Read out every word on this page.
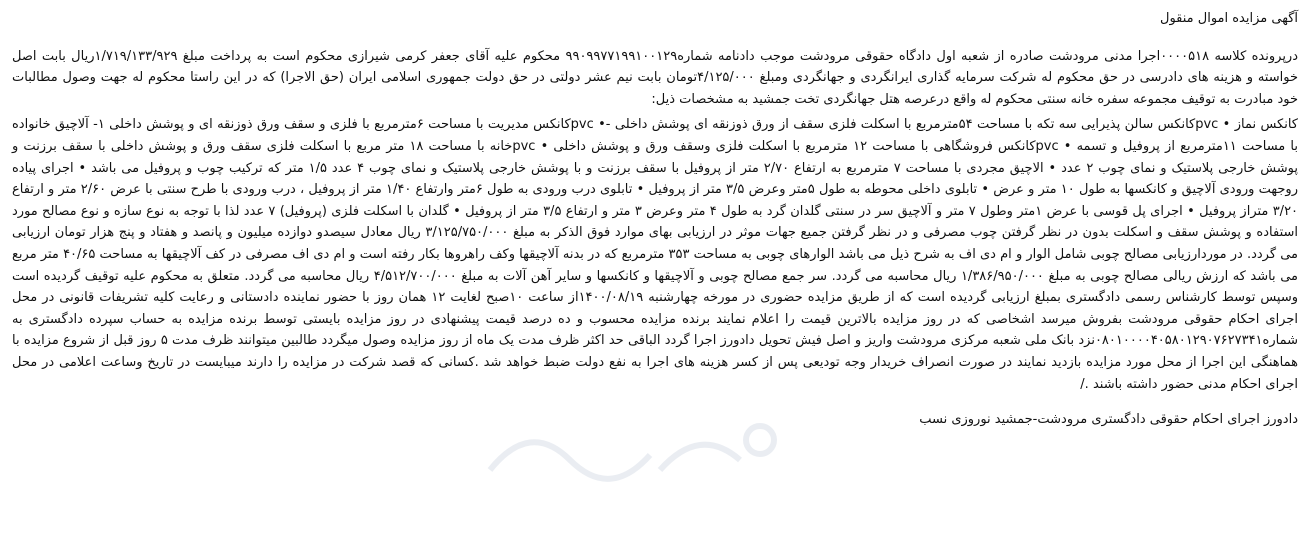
آگهی مزایده اموال منقول
درپرونده کلاسه ۰۰۰۰۵۱۸اجرا مدنی مرودشت صادره از شعبه اول دادگاه حقوقی مرودشت موجب دادنامه شماره۹۹۰۹۹۷۷۱۹۹۱۰۰۱۲۹ محکوم علیه آقای جعفر کرمی شیرازی محکوم است به پرداخت مبلغ ۱/۷۱۹/۱۳۳/۹۲۹ریال بابت اصل خواسته و هزینه های دادرسی در حق محکوم له شرکت سرمایه گذاری ایرانگردی و جهانگردی ومبلغ ۴/۱۲۵/۰۰۰تومان بابت نیم عشر دولتی در حق دولت جمهوری اسلامی ایران (حق الاجرا) که در این راستا محکوم له جهت وصول مطالبات خود مبادرت به توقیف مجموعه سفره خانه سنتی محکوم له واقع درعرصه هتل جهانگردی تخت جمشید به مشخصات ذیل:
کانکس نماز • pvcکانکس سالن پذیرایی سه تکه با مساحت ۵۴مترمربع با اسکلت فلزی سقف از ورق ذوزنقه ای پوشش داخلی -• pvcکانکس مدیریت با مساحت ۶مترمربع با فلزی و سقف ورق ذوزنقه ای و پوشش داخلی ۱- آلاچیق خانواده با مساحت ۱۱مترمربع از پروفیل و تسمه • pvcکانکس فروشگاهی با مساحت ۱۲ مترمربع با اسکلت فلزی وسقف ورق و پوشش داخلی • pvcخانه با مساحت ۱۸ متر مربع با اسکلت فلزی سقف ورق و پوشش داخلی با سقف برزنت و پوشش خارجی پلاستیک و نمای چوب ۲ عدد • الاچیق مجردی با مساحت ۷ مترمربع به ارتفاع ۲/۷۰ متر از پروفیل با سقف برزنت و با پوشش خارجی پلاستیک و نمای چوب ۴ عدد ۱/۵ متر که ترکیب چوب و پروفیل می باشد • اجرای پیاده روجهت ورودی آلاچیق و کانکسها به طول ۱۰ متر و عرض • تابلوی داخلی محوطه به طول ۵متر وعرض ۳/۵ متر از پروفیل • تابلوی درب ورودی به طول ۶متر وارتفاع ۱/۴۰ متر از پروفیل ، درب ورودی با طرح سنتی با عرض ۲/۶۰ متر و ارتفاع ۳/۲۰ متراز پروفیل • اجرای پل قوسی با عرض ۱متر وطول ۷ متر و آلاچیق سر در سنتی گلدان گرد به طول ۴ متر وعرض ۳ متر و ارتفاع ۳/۵ متر از پروفیل • گلدان با اسکلت فلزی (پروفیل) ۷ عدد لذا با توجه به نوع سازه و نوع مصالح مورد استفاده و پوشش سقف و اسکلت بدون در نظر گرفتن چوب مصرفی و در نظر گرفتن جمیع جهات موثر در ارزیابی بهای موارد فوق الذکر به مبلغ ۳/۱۲۵/۷۵۰/۰۰۰ ریال معادل سیصدو دوازده میلیون و پانصد و هفتاد و پنج هزار تومان ارزیابی می گردد. در موردارزیابی مصالح چوبی شامل الوار و ام دی اف به شرح ذیل می باشد الوارهای چوبی به مساحت ۳۵۳ مترمربع که در بدنه آلاچیقها وکف راهروها بکار رفته است و ام دی اف مصرفی در کف آلاچیقها به مساحت ۴۰/۶۵ متر مربع می باشد که ارزش ریالی مصالح چوبی به مبلغ ۱/۳۸۶/۹۵۰/۰۰۰ ریال محاسبه می گردد. سر جمع مصالح چوبی و آلاچیقها و کانکسها و سایر آهن آلات به مبلغ ۴/۵۱۲/۷۰۰/۰۰۰ ریال محاسبه می گردد. متعلق به محکوم علیه توقیف گردیده است وسپس توسط کارشناس رسمی دادگستری بمبلغ ارزیابی گردیده است که از طریق مزایده حضوری در مورخه چهارشنبه ۱۴۰۰/۰۸/۱۹از ساعت ۱۰صبح لغایت ۱۲ همان روز با حضور نماینده دادستانی و رعایت کلیه تشریفات قانونی در محل اجرای احکام حقوقی مرودشت بفروش میرسد اشخاصی که در روز مزایده بالاترین قیمت را اعلام نمایند برنده مزایده محسوب و ده درصد قیمت پیشنهادی در روز مزایده بایستی توسط برنده مزایده به حساب سپرده دادگستری به شماره۰۸۰۱۰۰۰۰۴۰۵۸۰۱۲۹۰۷۶۲۷۳۴۱نزد بانک ملی شعبه مرکزی مرودشت واریز و اصل فیش تحویل دادورز اجرا گردد الباقی حد اکثر ظرف مدت یک ماه از روز مزایده وصول میگردد طالبین میتوانند ظرف مدت ۵ روز قبل از شروع مزایده با هماهنگی این اجرا از محل مورد مزایده بازدید نمایند در صورت انصراف خریدار وجه تودیعی پس از کسر هزینه های اجرا به نفع دولت ضبط خواهد شد .کسانی که قصد شرکت در مزایده را دارند میبایست در تاریخ وساعت اعلامی در محل اجرای احکام مدنی حضور داشته باشند ./
دادورز اجرای احکام حقوقی دادگستری مرودشت-جمشید نوروزی نسب
